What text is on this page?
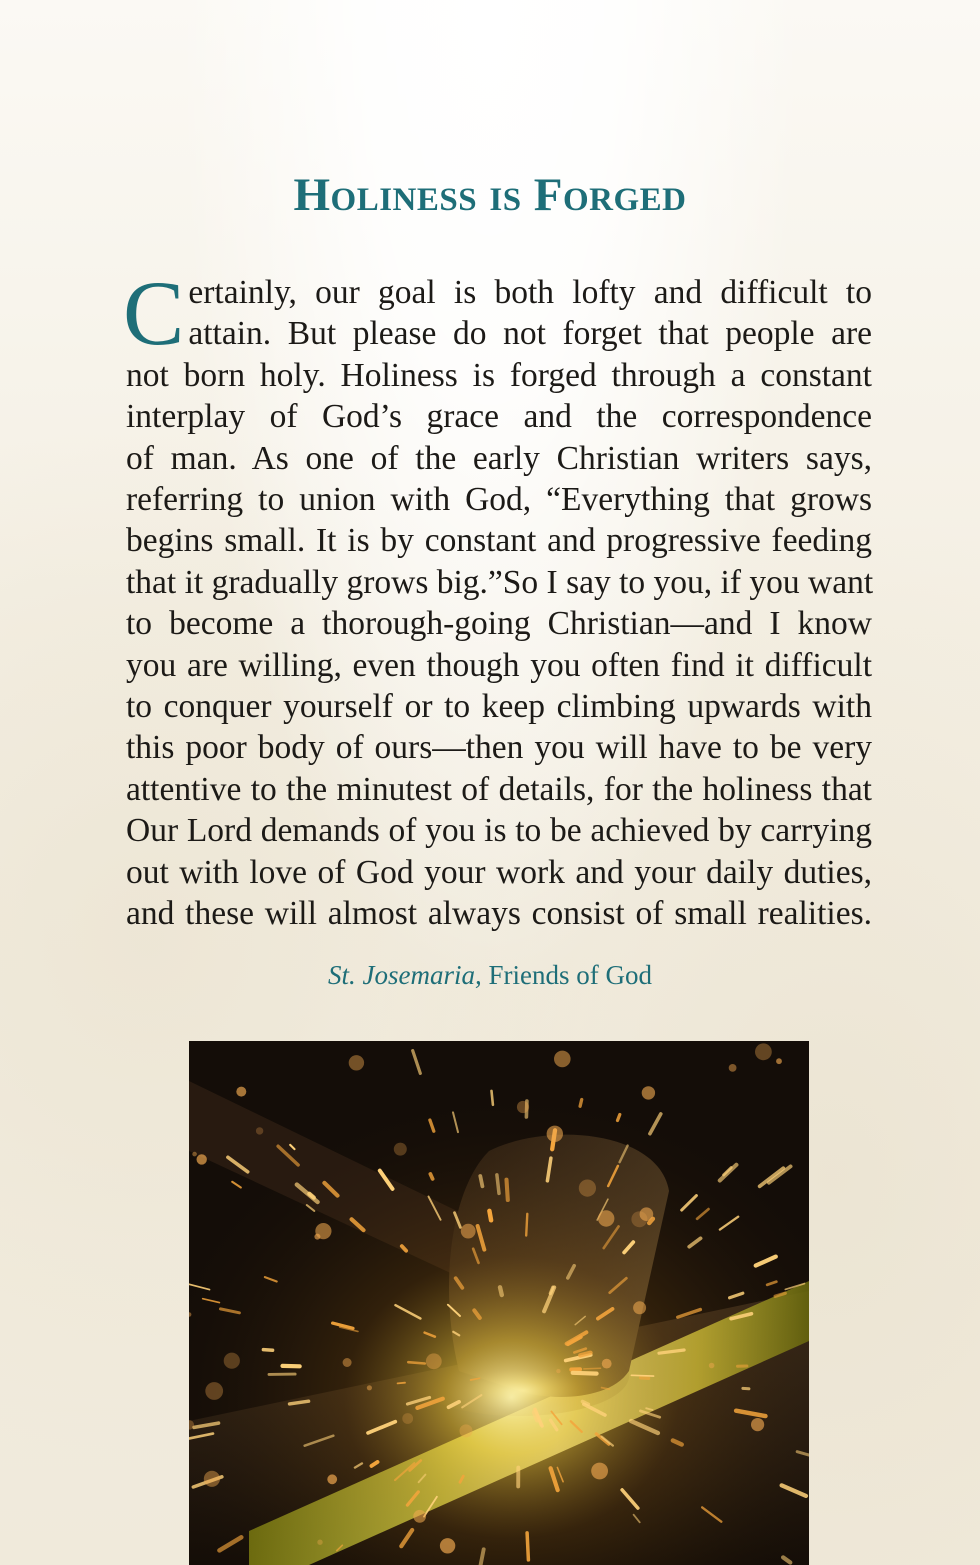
Holiness is Forged
C ertainly, our goal is both lofty and difficult to
attain. But please do not forget that people are
not born holy. Holiness is forged through a constant
interplay of God’s grace and the correspondence
of man. As one of the early Christian writers says,
referring to union with God, “Everything that grows
begins small. It is by constant and progressive feeding
that it gradually grows big.”So I say to you, if you want
to become a thorough-going Christian—and I know
you are willing, even though you often find it difficult
to conquer yourself or to keep climbing upwards with
this poor body of ours—then you will have to be very
attentive to the minutest of details, for the holiness that
Our Lord demands of you is to be achieved by carrying
out with love of God your work and your daily duties,
and these will almost always consist of small realities.

St. Josemaria, Friends of God
